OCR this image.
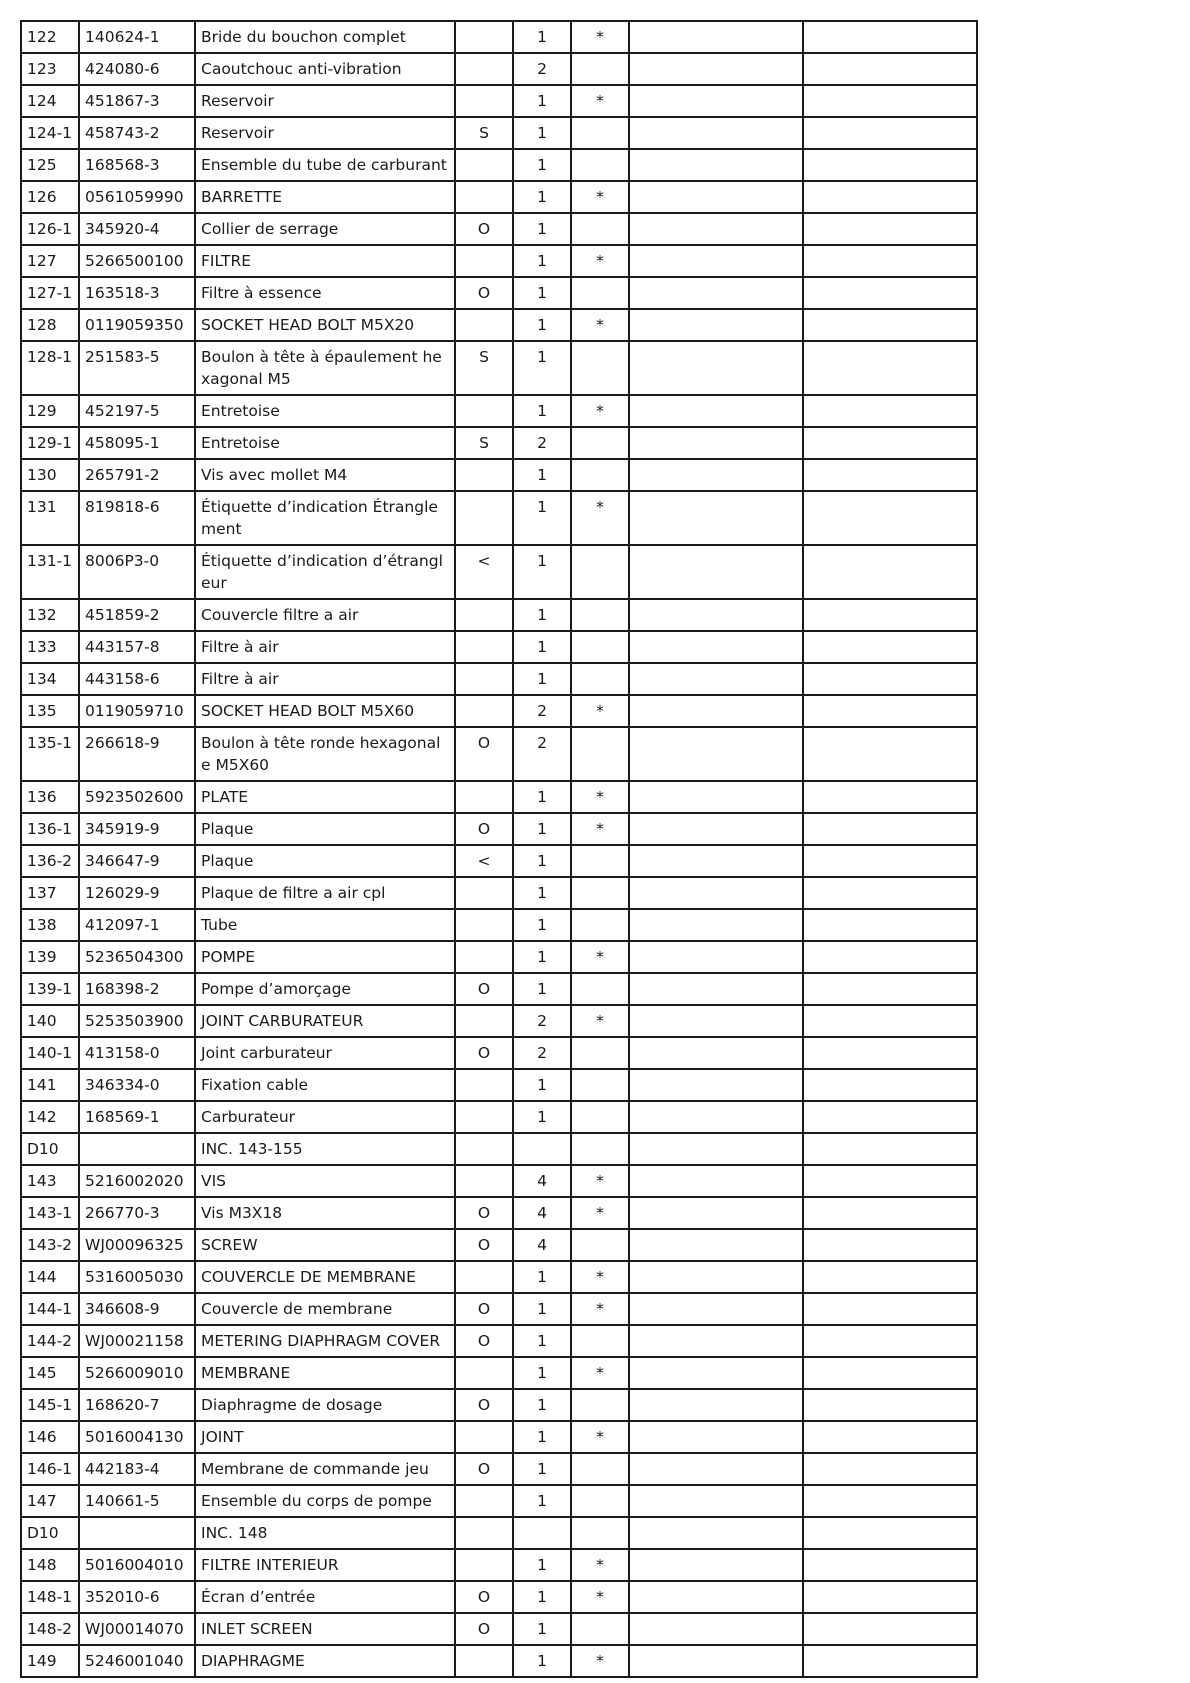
122	140624-1	Bride du bouchon complet		1	*		
123	424080-6	Caoutchouc anti-vibration		2			
124	451867-3	Reservoir		1	*		
124-1	458743-2	Reservoir	S	1			
125	168568-3	Ensemble du tube de carburant		1			
126	0561059990	BARRETTE		1	*		
126-1	345920-4	Collier de serrage	O	1			
127	5266500100	FILTRE		1	*		
127-1	163518-3	Filtre à essence	O	1			
128	0119059350	SOCKET HEAD BOLT M5X20		1	*		
128-1	251583-5	Boulon à tête à épaulement hexagonal M5	S	1			
129	452197-5	Entretoise		1	*		
129-1	458095-1	Entretoise	S	2			
130	265791-2	Vis avec mollet M4		1			
131	819818-6	Étiquette d’indication Étranglement		1	*		
131-1	8006P3-0	Étiquette d’indication d’étrangleur	<	1			
132	451859-2	Couvercle filtre a air		1			
133	443157-8	Filtre à air		1			
134	443158-6	Filtre à air		1			
135	0119059710	SOCKET HEAD BOLT M5X60		2	*		
135-1	266618-9	Boulon à tête ronde hexagonale M5X60	O	2			
136	5923502600	PLATE		1	*		
136-1	345919-9	Plaque	O	1	*		
136-2	346647-9	Plaque	<	1			
137	126029-9	Plaque de filtre a air cpl		1			
138	412097-1	Tube		1			
139	5236504300	POMPE		1	*		
139-1	168398-2	Pompe d’amorçage	O	1			
140	5253503900	JOINT CARBURATEUR		2	*		
140-1	413158-0	Joint carburateur	O	2			
141	346334-0	Fixation cable		1			
142	168569-1	Carburateur		1			
D10		INC. 143-155					
143	5216002020	VIS		4	*		
143-1	266770-3	Vis M3X18	O	4	*		
143-2	WJ00096325	SCREW	O	4			
144	5316005030	COUVERCLE DE MEMBRANE		1	*		
144-1	346608-9	Couvercle de membrane	O	1	*		
144-2	WJ00021158	METERING DIAPHRAGM COVER	O	1			
145	5266009010	MEMBRANE		1	*		
145-1	168620-7	Diaphragme de dosage	O	1			
146	5016004130	JOINT		1	*		
146-1	442183-4	Membrane de commande jeu	O	1			
147	140661-5	Ensemble du corps de pompe		1			
D10		INC. 148					
148	5016004010	FILTRE INTERIEUR		1	*		
148-1	352010-6	Écran d’entrée	O	1	*		
148-2	WJ00014070	INLET SCREEN	O	1			
149	5246001040	DIAPHRAGME		1	*		
